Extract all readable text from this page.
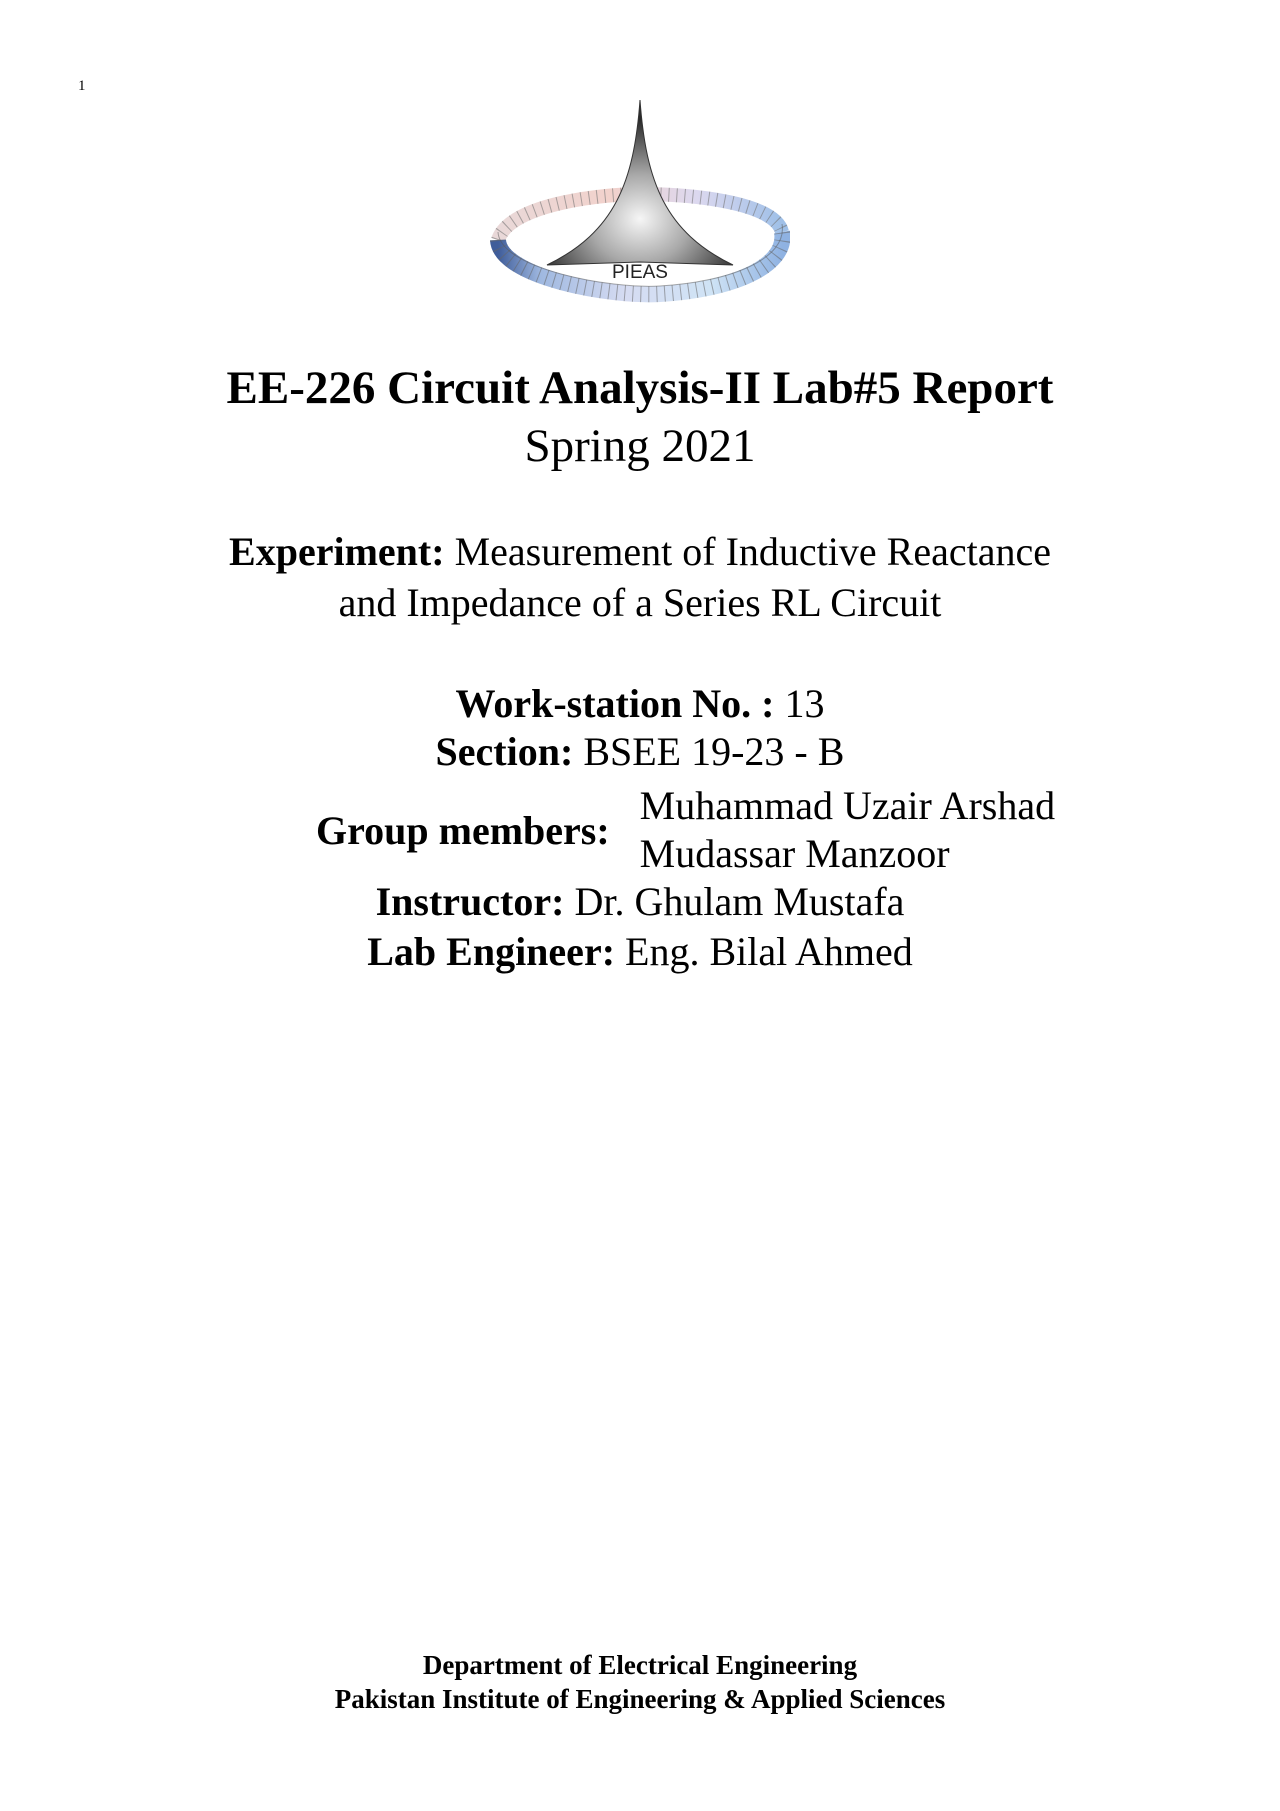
1
PIEAS
EE-226 Circuit Analysis-II Lab#5 Report
Spring 2021
Experiment: Measurement of Inductive Reactance
and Impedance of a Series RL Circuit
Work-station No. : 13
Section: BSEE 19-23 - B
Group members:
Muhammad Uzair Arshad
Mudassar Manzoor
Instructor: Dr. Ghulam Mustafa
Lab Engineer: Eng. Bilal Ahmed
Department of Electrical Engineering
Pakistan Institute of Engineering & Applied Sciences
